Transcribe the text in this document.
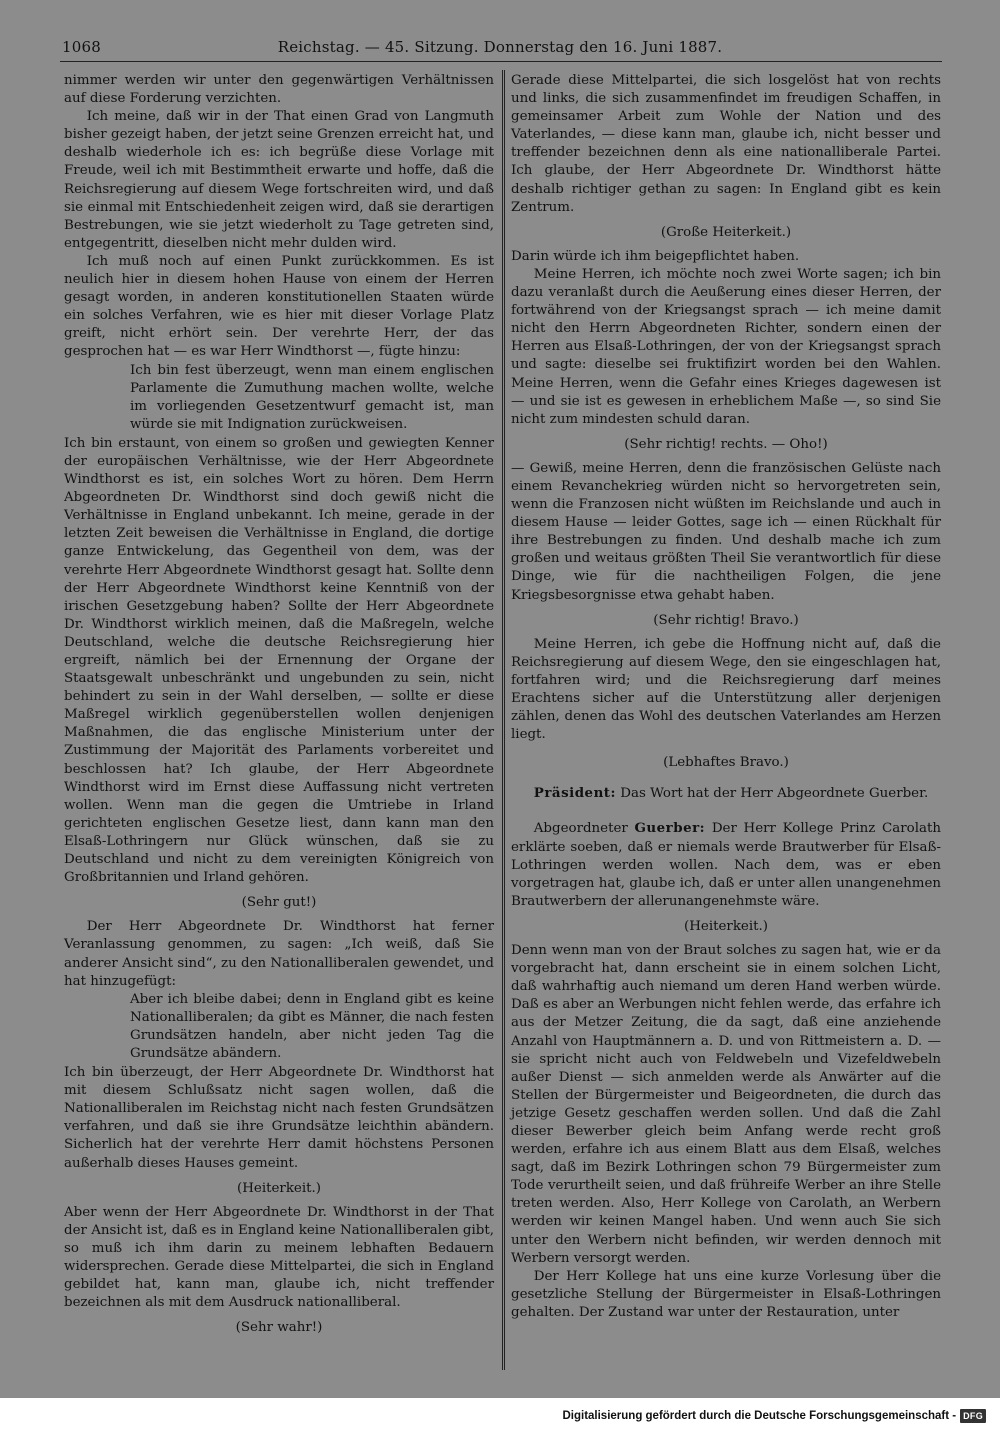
1068	Reichstag. — 45. Sitzung. Donnerstag den 16. Juni 1887.

nimmer werden wir unter den gegenwärtigen Verhältnissen auf diese Forderung verzichten.

Ich meine, daß wir in der That einen Grad von Langmuth bisher gezeigt haben, der jetzt seine Grenzen erreicht hat, und deshalb wiederhole ich es: ich begrüße diese Vorlage mit Freude, weil ich mit Bestimmtheit erwarte und hoffe, daß die Reichsregierung auf diesem Wege fortschreiten wird, und daß sie einmal mit Entschiedenheit zeigen wird, daß sie derartigen Bestrebungen, wie sie jetzt wiederholt zu Tage getreten sind, entgegentritt, dieselben nicht mehr dulden wird.

Ich muß noch auf einen Punkt zurückkommen. Es ist neulich hier in diesem hohen Hause von einem der Herren gesagt worden, in anderen konstitutionellen Staaten würde ein solches Verfahren, wie es hier mit dieser Vorlage Platz greift, nicht erhört sein. Der verehrte Herr, der das gesprochen hat — es war Herr Windthorst —, fügte hinzu:

Ich bin fest überzeugt, wenn man einem englischen Parlamente die Zumuthung machen wollte, welche im vorliegenden Gesetzentwurf gemacht ist, man würde sie mit Indignation zurückweisen.

Ich bin erstaunt, von einem so großen und gewiegten Kenner der europäischen Verhältnisse, wie der Herr Abgeordnete Windthorst es ist, ein solches Wort zu hören. Dem Herrn Abgeordneten Dr. Windthorst sind doch gewiß nicht die Verhältnisse in England unbekannt. Ich meine, gerade in der letzten Zeit beweisen die Verhältnisse in England, die dortige ganze Entwickelung, das Gegentheil von dem, was der verehrte Herr Abgeordnete Windthorst gesagt hat. Sollte denn der Herr Abgeordnete Windthorst keine Kenntniß von der irischen Gesetzgebung haben? Sollte der Herr Abgeordnete Dr. Windthorst wirklich meinen, daß die Maßregeln, welche Deutschland, welche die deutsche Reichsregierung hier ergreift, nämlich bei der Ernennung der Organe der Staatsgewalt unbeschränkt und ungebunden zu sein, nicht behindert zu sein in der Wahl derselben, — sollte er diese Maßregel wirklich gegenüberstellen wollen denjenigen Maßnahmen, die das englische Ministerium unter der Zustimmung der Majorität des Parlaments vorbereitet und beschlossen hat? Ich glaube, der Herr Abgeordnete Windthorst wird im Ernst diese Auffassung nicht vertreten wollen. Wenn man die gegen die Umtriebe in Irland gerichteten englischen Gesetze liest, dann kann man den Elsaß-Lothringern nur Glück wünschen, daß sie zu Deutschland und nicht zu dem vereinigten Königreich von Großbritannien und Irland gehören.

(Sehr gut!)

Der Herr Abgeordnete Dr. Windthorst hat ferner Veranlassung genommen, zu sagen: „Ich weiß, daß Sie anderer Ansicht sind“, zu den Nationalliberalen gewendet, und hat hinzugefügt:

Aber ich bleibe dabei; denn in England gibt es keine Nationalliberalen; da gibt es Männer, die nach festen Grundsätzen handeln, aber nicht jeden Tag die Grundsätze abändern.

Ich bin überzeugt, der Herr Abgeordnete Dr. Windthorst hat mit diesem Schlußsatz nicht sagen wollen, daß die Nationalliberalen im Reichstag nicht nach festen Grundsätzen verfahren, und daß sie ihre Grundsätze leichthin abändern. Sicherlich hat der verehrte Herr damit höchstens Personen außerhalb dieses Hauses gemeint.

(Heiterkeit.)

Aber wenn der Herr Abgeordnete Dr. Windthorst in der That der Ansicht ist, daß es in England keine Nationalliberalen gibt, so muß ich ihm darin zu meinem lebhaften Bedauern widersprechen. Gerade diese Mittelpartei, die sich in England gebildet hat, kann man, glaube ich, nicht treffender bezeichnen als mit dem Ausdruck nationalliberal.

(Sehr wahr!)

Gerade diese Mittelpartei, die sich losgelöst hat von rechts und links, die sich zusammenfindet im freudigen Schaffen, in gemeinsamer Arbeit zum Wohle der Nation und des Vaterlandes, — diese kann man, glaube ich, nicht besser und treffender bezeichnen denn als eine nationalliberale Partei. Ich glaube, der Herr Abgeordnete Dr. Windthorst hätte deshalb richtiger gethan zu sagen: In England gibt es kein Zentrum.

(Große Heiterkeit.)

Darin würde ich ihm beigepflichtet haben.

Meine Herren, ich möchte noch zwei Worte sagen; ich bin dazu veranlaßt durch die Aeußerung eines dieser Herren, der fortwährend von der Kriegsangst sprach — ich meine damit nicht den Herrn Abgeordneten Richter, sondern einen der Herren aus Elsaß-Lothringen, der von der Kriegsangst sprach und sagte: dieselbe sei fruktifizirt worden bei den Wahlen. Meine Herren, wenn die Gefahr eines Krieges dagewesen ist — und sie ist es gewesen in erheblichem Maße —, so sind Sie nicht zum mindesten schuld daran.

(Sehr richtig! rechts. — Oho!)

— Gewiß, meine Herren, denn die französischen Gelüste nach einem Revanchekrieg würden nicht so hervorgetreten sein, wenn die Franzosen nicht wüßten im Reichslande und auch in diesem Hause — leider Gottes, sage ich — einen Rückhalt für ihre Bestrebungen zu finden. Und deshalb mache ich zum großen und weitaus größten Theil Sie verantwortlich für diese Dinge, wie für die nachtheiligen Folgen, die jene Kriegsbesorgnisse etwa gehabt haben.

(Sehr richtig! Bravo.)

Meine Herren, ich gebe die Hoffnung nicht auf, daß die Reichsregierung auf diesem Wege, den sie eingeschlagen hat, fortfahren wird; und die Reichsregierung darf meines Erachtens sicher auf die Unterstützung aller derjenigen zählen, denen das Wohl des deutschen Vaterlandes am Herzen liegt.

(Lebhaftes Bravo.)

Präsident: Das Wort hat der Herr Abgeordnete Guerber.

Abgeordneter Guerber: Der Herr Kollege Prinz Carolath erklärte soeben, daß er niemals werde Brautwerber für Elsaß-Lothringen werden wollen. Nach dem, was er eben vorgetragen hat, glaube ich, daß er unter allen unangenehmen Brautwerbern der allerunangenehmste wäre.

(Heiterkeit.)

Denn wenn man von der Braut solches zu sagen hat, wie er da vorgebracht hat, dann erscheint sie in einem solchen Licht, daß wahrhaftig auch niemand um deren Hand werben würde. Daß es aber an Werbungen nicht fehlen werde, das erfahre ich aus der Metzer Zeitung, die da sagt, daß eine anziehende Anzahl von Hauptmännern a. D. und von Rittmeistern a. D. — sie spricht nicht auch von Feldwebeln und Vizefeldwebeln außer Dienst — sich anmelden werde als Anwärter auf die Stellen der Bürgermeister und Beigeordneten, die durch das jetzige Gesetz geschaffen werden sollen. Und daß die Zahl dieser Bewerber gleich beim Anfang werde recht groß werden, erfahre ich aus einem Blatt aus dem Elsaß, welches sagt, daß im Bezirk Lothringen schon 79 Bürgermeister zum Tode verurtheilt seien, und daß frühreife Werber an ihre Stelle treten werden. Also, Herr Kollege von Carolath, an Werbern werden wir keinen Mangel haben. Und wenn auch Sie sich unter den Werbern nicht befinden, wir werden dennoch mit Werbern versorgt werden.

Der Herr Kollege hat uns eine kurze Vorlesung über die gesetzliche Stellung der Bürgermeister in Elsaß-Lothringen gehalten. Der Zustand war unter der Restauration, unter

Digitalisierung gefördert durch die Deutsche Forschungsgemeinschaft - DFG
